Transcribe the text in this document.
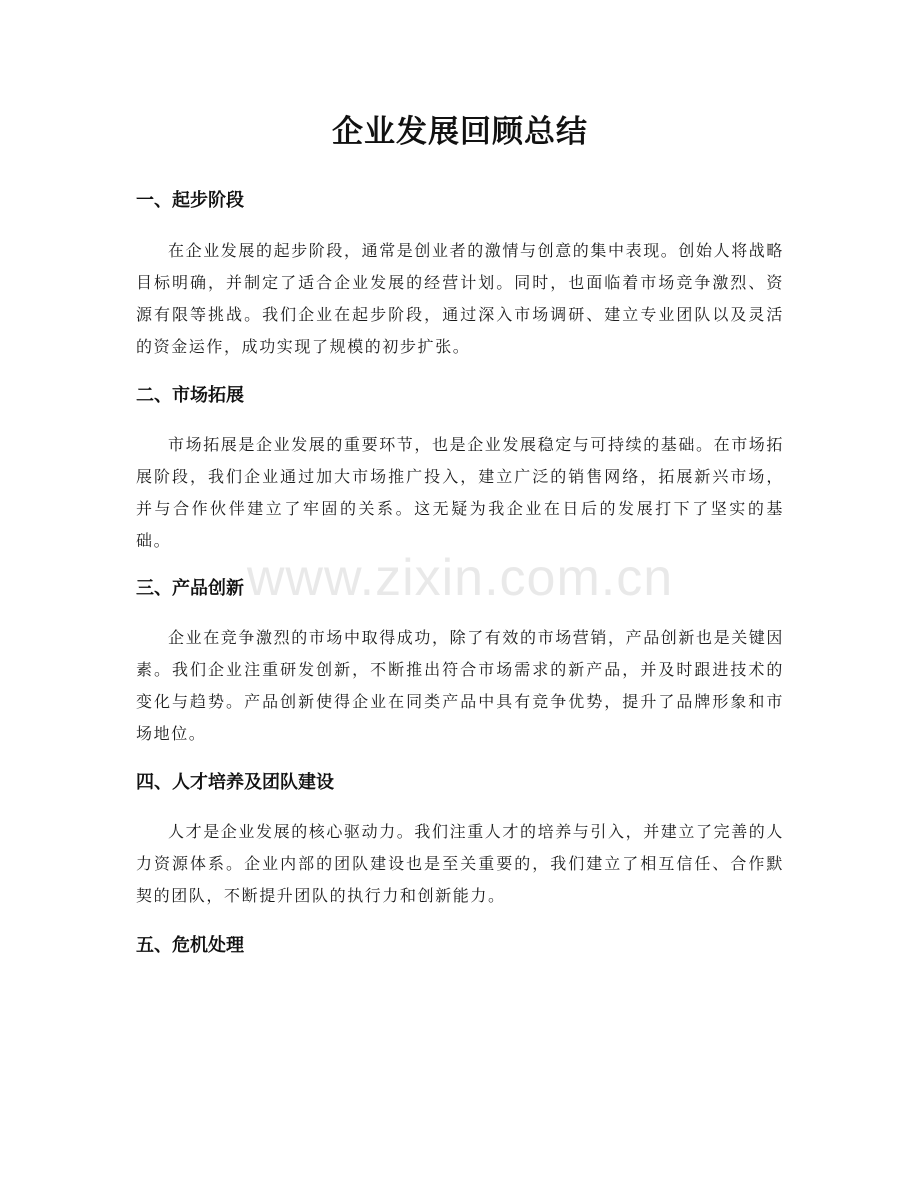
企业发展回顾总结
一、起步阶段

在企业发展的起步阶段，通常是创业者的激情与创意的集中表现。创始人将战略目标明确，并制定了适合企业发展的经营计划。同时，也面临着市场竞争激烈、资源有限等挑战。我们企业在起步阶段，通过深入市场调研、建立专业团队以及灵活的资金运作，成功实现了规模的初步扩张。

二、市场拓展

市场拓展是企业发展的重要环节，也是企业发展稳定与可持续的基础。在市场拓展阶段，我们企业通过加大市场推广投入，建立广泛的销售网络，拓展新兴市场，并与合作伙伴建立了牢固的关系。这无疑为我企业在日后的发展打下了坚实的基础。

三、产品创新

企业在竞争激烈的市场中取得成功，除了有效的市场营销，产品创新也是关键因素。我们企业注重研发创新，不断推出符合市场需求的新产品，并及时跟进技术的变化与趋势。产品创新使得企业在同类产品中具有竞争优势，提升了品牌形象和市场地位。

四、人才培养及团队建设

人才是企业发展的核心驱动力。我们注重人才的培养与引入，并建立了完善的人力资源体系。企业内部的团队建设也是至关重要的，我们建立了相互信任、合作默契的团队，不断提升团队的执行力和创新能力。

五、危机处理
www.zixin.com.cn
